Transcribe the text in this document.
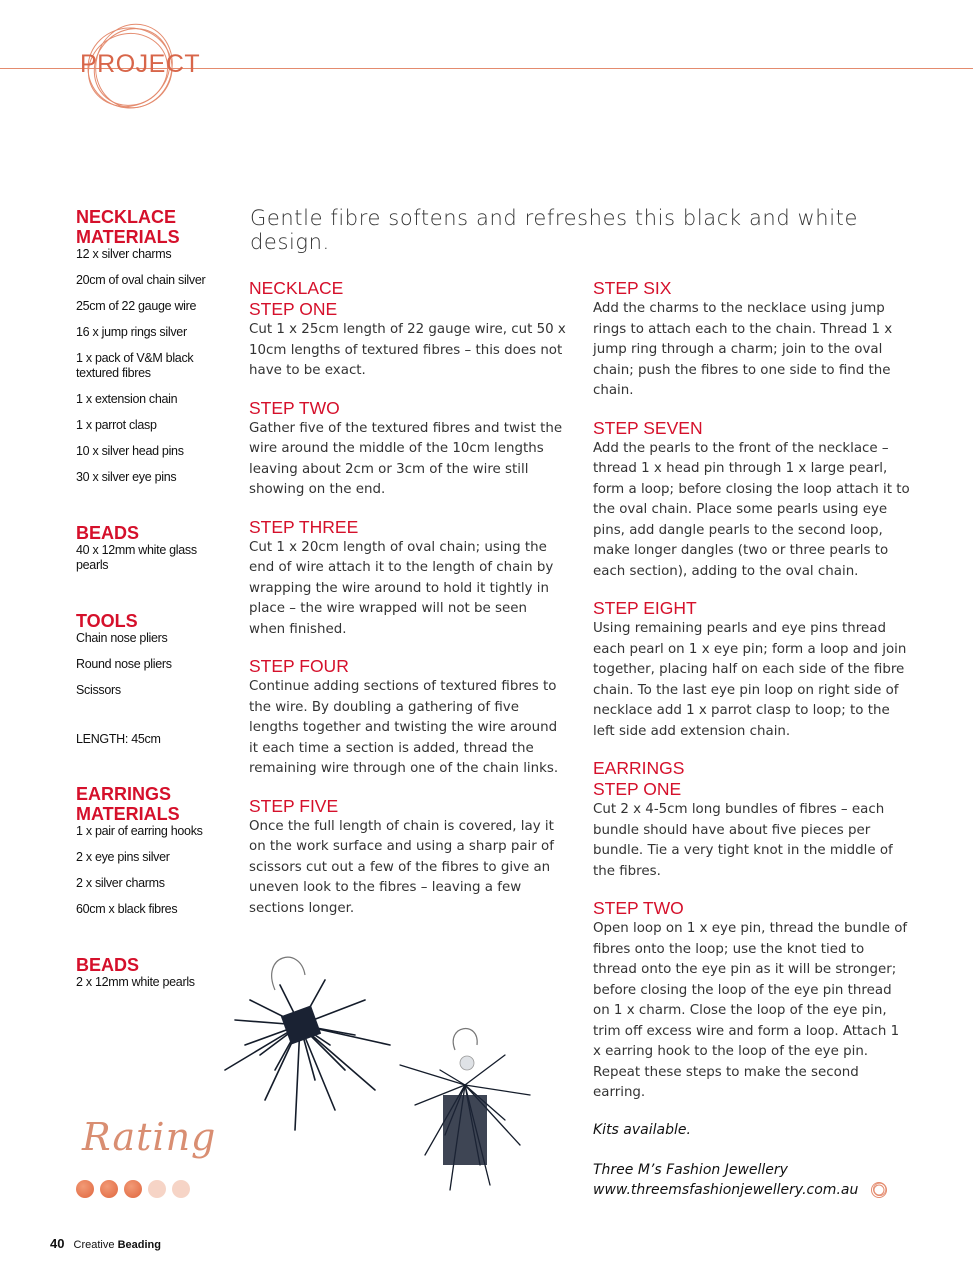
PROJECT
NECKLACE
MATERIALS
12 x silver charms
20cm of oval chain silver
25cm of 22 gauge wire
16 x jump rings silver
1 x pack of V&M black textured fibres
1 x extension chain
1 x parrot clasp
10 x silver head pins
30 x silver eye pins
BEADS
40 x 12mm white glass pearls
TOOLS
Chain nose pliers
Round nose pliers
Scissors
LENGTH: 45cm
EARRINGS
MATERIALS
1 x pair of earring hooks
2 x eye pins silver
2 x silver charms
60cm x black fibres
BEADS
2 x 12mm white pearls
Gentle fibre softens and refreshes this black and white design.
NECKLACE
STEP ONE

Cut 1 x 25cm length of 22 gauge wire, cut 50 x 10cm lengths of textured fibres – this does not have to be exact.

STEP TWO

Gather five of the textured fibres and twist the wire around the middle of the 10cm lengths leaving about 2cm or 3cm of the wire still showing on the end.

STEP THREE

Cut 1 x 20cm length of oval chain; using the end of wire attach it to the length of chain by wrapping the wire around to hold it tightly in place – the wire wrapped will not be seen when finished.

STEP FOUR

Continue adding sections of textured fibres to the wire. By doubling a gathering of five lengths together and twisting the wire around it each time a section is added, thread the remaining wire through one of the chain links.

STEP FIVE

Once the full length of chain is covered, lay it on the work surface and using a sharp pair of scissors cut out a few of the fibres to give an uneven look to the fibres – leaving a few sections longer.

STEP SIX

Add the charms to the necklace using jump rings to attach each to the chain. Thread 1 x jump ring through a charm; join to the oval chain; push the fibres to one side to find the chain.

STEP SEVEN

Add the pearls to the front of the necklace – thread 1 x head pin through 1 x large pearl, form a loop; before closing the loop attach it to the oval chain. Place some pearls using eye pins, add dangle pearls to the second loop, make longer dangles (two or three pearls to each section), adding to the oval chain.

STEP EIGHT

Using remaining pearls and eye pins thread each pearl on 1 x eye pin; form a loop and join together, placing half on each side of the fibre chain. To the last eye pin loop on right side of necklace add 1 x parrot clasp to loop; to the left side add extension chain.

EARRINGS
STEP ONE

Cut 2 x 4-5cm long bundles of fibres – each bundle should have about five pieces per bundle. Tie a very tight knot in the middle of the fibres.

STEP TWO

Open loop on 1 x eye pin, thread the bundle of fibres onto the loop; use the knot tied to thread onto the eye pin as it will be stronger; before closing the loop of the eye pin thread on 1 x charm. Close the loop of the eye pin, trim off excess wire and form a loop. Attach 1 x earring hook to the loop of the eye pin. Repeat these steps to make the second earring.

Kits available.

Three M’s Fashion Jewellery

www.threemsfashionjewellery.com.au

Rating
40 Creative Beading
